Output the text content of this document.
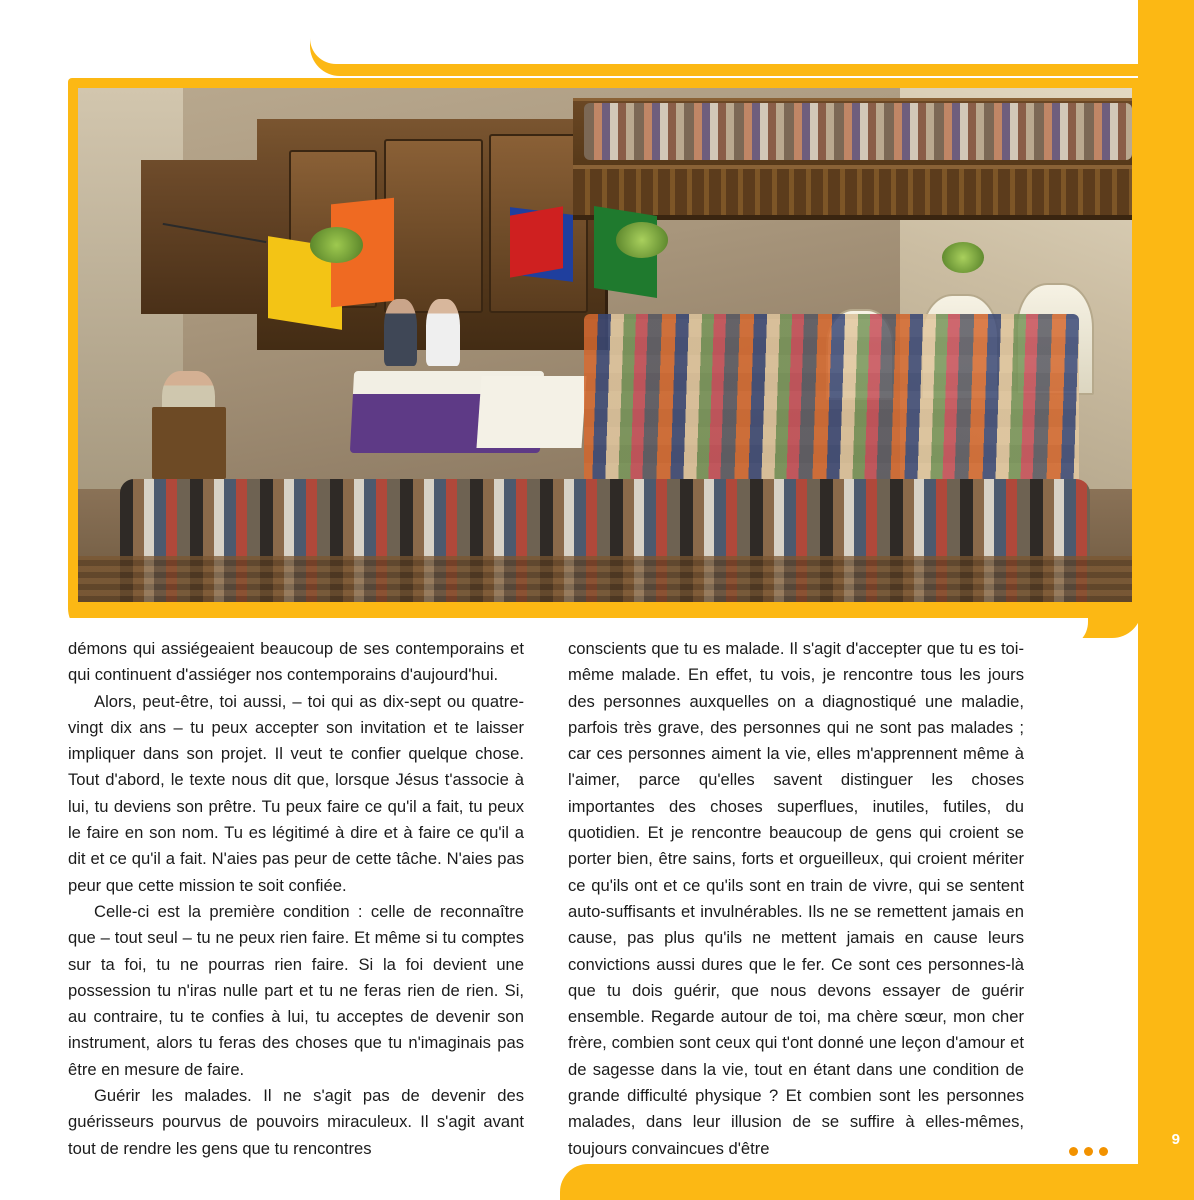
démons qui assiégeaient beaucoup de ses contemporains et qui continuent d'assiéger nos contemporains d'aujourd'hui.

Alors, peut-être, toi aussi, – toi qui as dix-sept ou quatre-vingt dix ans – tu peux accepter son invitation et te laisser impliquer dans son projet. Il veut te confier quelque chose. Tout d'abord, le texte nous dit que, lorsque Jésus t'associe à lui, tu deviens son prêtre. Tu peux faire ce qu'il a fait, tu peux le faire en son nom. Tu es légitimé à dire et à faire ce qu'il a dit et ce qu'il a fait. N'aies pas peur de cette tâche. N'aies pas peur que cette mission te soit confiée.

Celle-ci est la première condition : celle de reconnaître que – tout seul – tu ne peux rien faire. Et même si tu comptes sur ta foi, tu ne pourras rien faire. Si la foi devient une possession tu n'iras nulle part et tu ne feras rien de rien. Si, au contraire, tu te confies à lui, tu acceptes de devenir son instrument, alors tu feras des choses que tu n'imaginais pas être en mesure de faire.

Guérir les malades. Il ne s'agit pas de devenir des guérisseurs pourvus de pouvoirs miraculeux. Il s'agit avant tout de rendre les gens que tu rencontres

conscients que tu es malade. Il s'agit d'accepter que tu es toi-même malade. En effet, tu vois, je rencontre tous les jours des personnes auxquelles on a diagnostiqué une maladie, parfois très grave, des personnes qui ne sont pas malades ; car ces personnes aiment la vie, elles m'apprennent même à l'aimer, parce qu'elles savent distinguer les choses importantes des choses superflues, inutiles, futiles, du quotidien. Et je rencontre beaucoup de gens qui croient se porter bien, être sains, forts et orgueilleux, qui croient mériter ce qu'ils ont et ce qu'ils sont en train de vivre, qui se sentent auto-suffisants et invulnérables. Ils ne se remettent jamais en cause, pas plus qu'ils ne mettent jamais en cause leurs convictions aussi dures que le fer. Ce sont ces personnes-là que tu dois guérir, que nous devons essayer de guérir ensemble. Regarde autour de toi, ma chère sœur, mon cher frère, combien sont ceux qui t'ont donné une leçon d'amour et de sagesse dans la vie, tout en étant dans une condition de grande difficulté physique ? Et combien sont les personnes malades, dans leur illusion de se suffire à elles-mêmes, toujours convaincues d'être	9
